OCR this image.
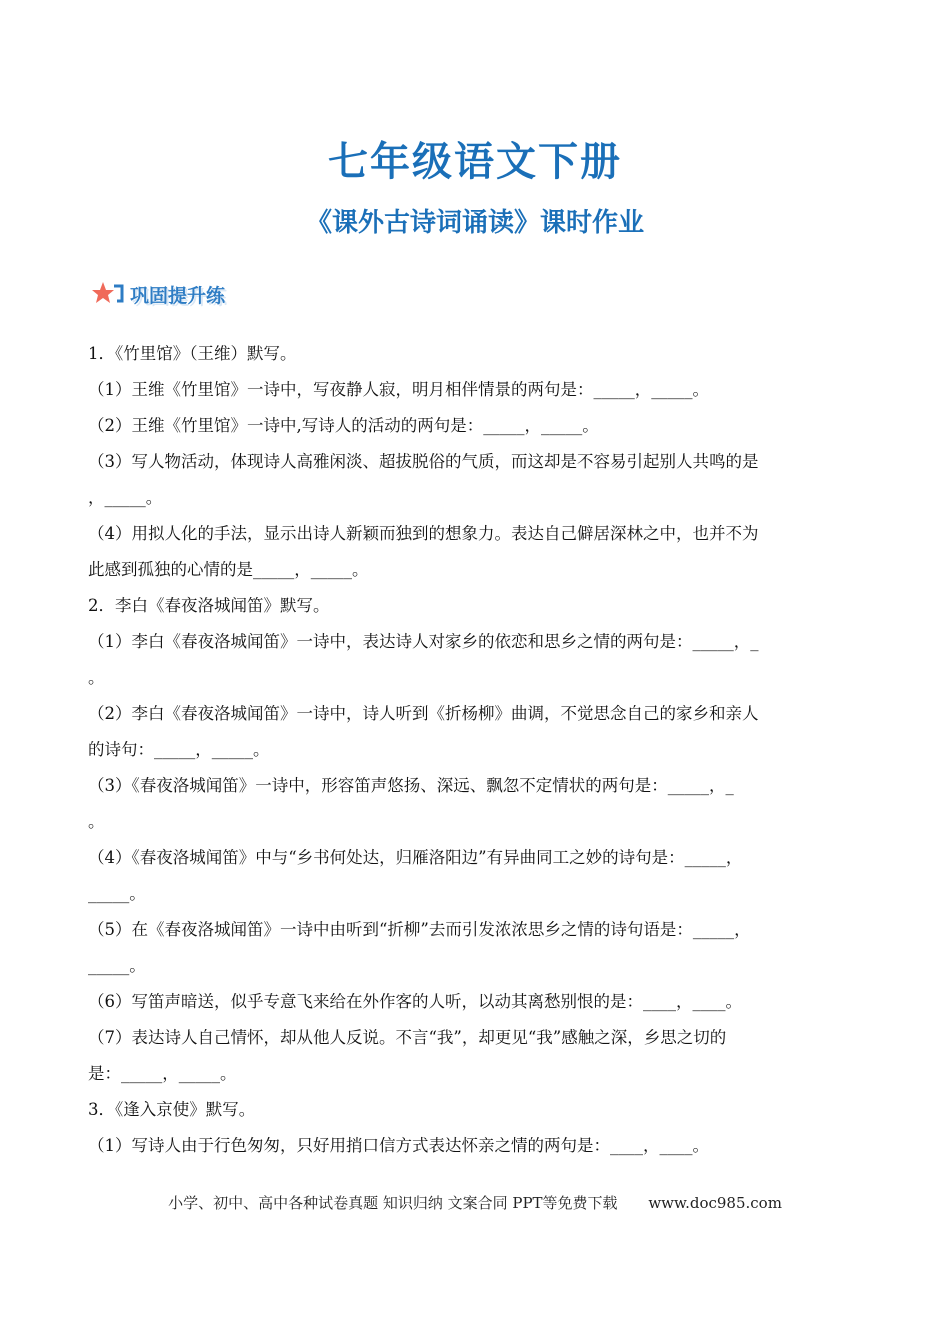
七年级语文下册
《课外古诗词诵读》课时作业
巩固提升练
1．《竹里馆》（王维）默写。
（1）王维《竹里馆》一诗中，写夜静人寂，明月相伴情景的两句是：_____，_____。
（2）王维《竹里馆》一诗中,写诗人的活动的两句是：_____，_____。
（3）写人物活动，体现诗人高雅闲淡、超拔脱俗的气质，而这却是不容易引起别人共鸣的是
，_____。
（4）用拟人化的手法，显示出诗人新颖而独到的想象力。表达自己僻居深林之中，也并不为
此感到孤独的心情的是_____，_____。
2．李白《春夜洛城闻笛》默写。
（1）李白《春夜洛城闻笛》一诗中，表达诗人对家乡的依恋和思乡之情的两句是：_____，_
。
（2）李白《春夜洛城闻笛》一诗中，诗人听到《折杨柳》曲调，不觉思念自己的家乡和亲人
的诗句：_____，_____。
（3）《春夜洛城闻笛》一诗中，形容笛声悠扬、深远、飘忽不定情状的两句是：_____，_
。
（4）《春夜洛城闻笛》中与“乡书何处达，归雁洛阳边”有异曲同工之妙的诗句是：_____，
_____。
（5）在《春夜洛城闻笛》一诗中由听到“折柳”去而引发浓浓思乡之情的诗句语是：_____，
_____。
（6）写笛声暗送，似乎专意飞来给在外作客的人听，以动其离愁别恨的是：____，____。
（7）表达诗人自己情怀，却从他人反说。不言“我”，却更见“我”感触之深，乡思之切的
是：_____，_____。
3．《逢入京使》默写。
（1）写诗人由于行色匆匆，只好用捎口信方式表达怀亲之情的两句是：____，____。
小学、初中、高中各种试卷真题 知识归纳 文案合同 PPT等免费下载 www.doc985.com
